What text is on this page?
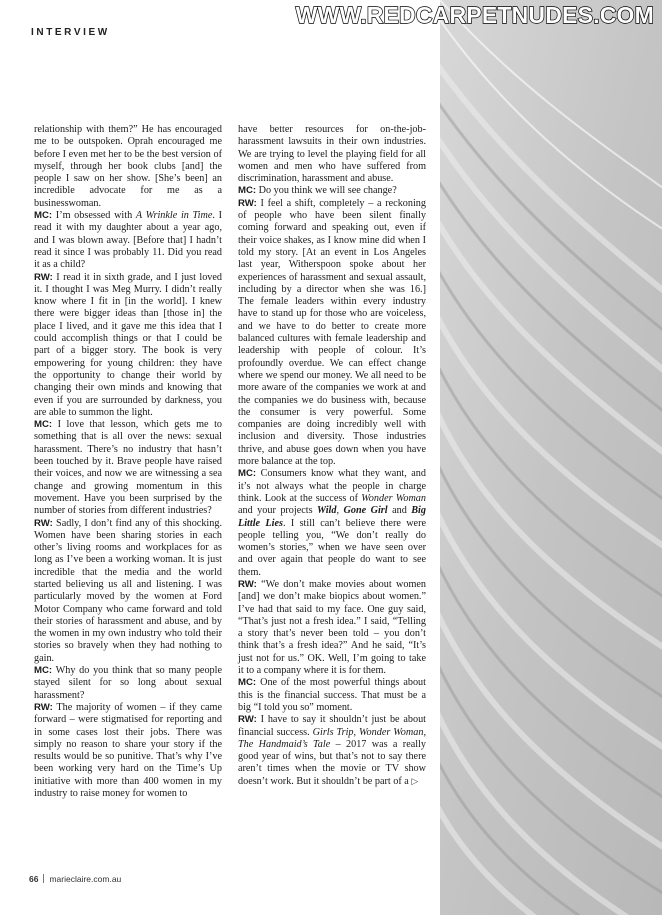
WWW.REDCARPETNUDES.COM
INTERVIEW

relationship with them?” He has encouraged me to be outspoken. Oprah encouraged me before I even met her to be the best version of myself, through her book clubs [and] the people I saw on her show. [She’s been] an incredible advocate for me as a businesswoman.

MC: I’m obsessed with A Wrinkle in Time. I read it with my daughter about a year ago, and I was blown away. [Before that] I hadn’t read it since I was probably 11. Did you read it as a child?

RW: I read it in sixth grade, and I just loved it. I thought I was Meg Murry. I didn’t really know where I fit in [in the world]. I knew there were bigger ideas than [those in] the place I lived, and it gave me this idea that I could accomplish things or that I could be part of a bigger story. The book is very empowering for young children: they have the opportunity to change their world by changing their own minds and knowing that even if you are surrounded by darkness, you are able to summon the light.

MC: I love that lesson, which gets me to something that is all over the news: sexual harassment. There’s no industry that hasn’t been touched by it. Brave people have raised their voices, and now we are witnessing a sea change and growing momentum in this movement. Have you been surprised by the number of stories from different industries?

RW: Sadly, I don’t find any of this shocking. Women have been sharing stories in each other’s living rooms and workplaces for as long as I’ve been a working woman. It is just incredible that the media and the world started believing us all and listening. I was particularly moved by the women at Ford Motor Company who came forward and told their stories of harassment and abuse, and by the women in my own industry who told their stories so bravely when they had nothing to gain.

MC: Why do you think that so many people stayed silent for so long about sexual harassment?

RW: The majority of women – if they came forward – were stigmatised for reporting and in some cases lost their jobs. There was simply no reason to share your story if the results would be so punitive. That’s why I’ve been working very hard on the Time’s Up initiative with more than 400 women in my industry to raise money for women to

have better resources for on-the-job-harassment lawsuits in their own industries. We are trying to level the playing field for all women and men who have suffered from discrimination, harassment and abuse.

MC: Do you think we will see change?

RW: I feel a shift, completely – a reckoning of people who have been silent finally coming forward and speaking out, even if their voice shakes, as I know mine did when I told my story. [At an event in Los Angeles last year, Witherspoon spoke about her experiences of harassment and sexual assault, including by a director when she was 16.] The female leaders within every industry have to stand up for those who are voiceless, and we have to do better to create more balanced cultures with female leadership and leadership with people of colour. It’s profoundly overdue. We can effect change where we spend our money. We all need to be more aware of the companies we work at and the companies we do business with, because the consumer is very powerful. Some companies are doing incredibly well with inclusion and diversity. Those industries thrive, and abuse goes down when you have more balance at the top.

MC: Consumers know what they want, and it’s not always what the people in charge think. Look at the success of Wonder Woman and your projects Wild, Gone Girl and Big Little Lies. I still can’t believe there were people telling you, “We don’t really do women’s stories,” when we have seen over and over again that people do want to see them.

RW: “We don’t make movies about women [and] we don’t make biopics about women.” I’ve had that said to my face. One guy said, “That’s just not a fresh idea.” I said, “Telling a story that’s never been told – you don’t think that’s a fresh idea?” And he said, “It’s just not for us.” OK. Well, I’m going to take it to a company where it is for them.

MC: One of the most powerful things about this is the financial success. That must be a big “I told you so” moment.

RW: I have to say it shouldn’t just be about financial success. Girls Trip, Wonder Woman, The Handmaid’s Tale – 2017 was a really good year of wins, but that’s not to say there aren’t times when the movie or TV show doesn’t work. But it shouldn’t be part of a ▷

66 marieclaire.com.au
